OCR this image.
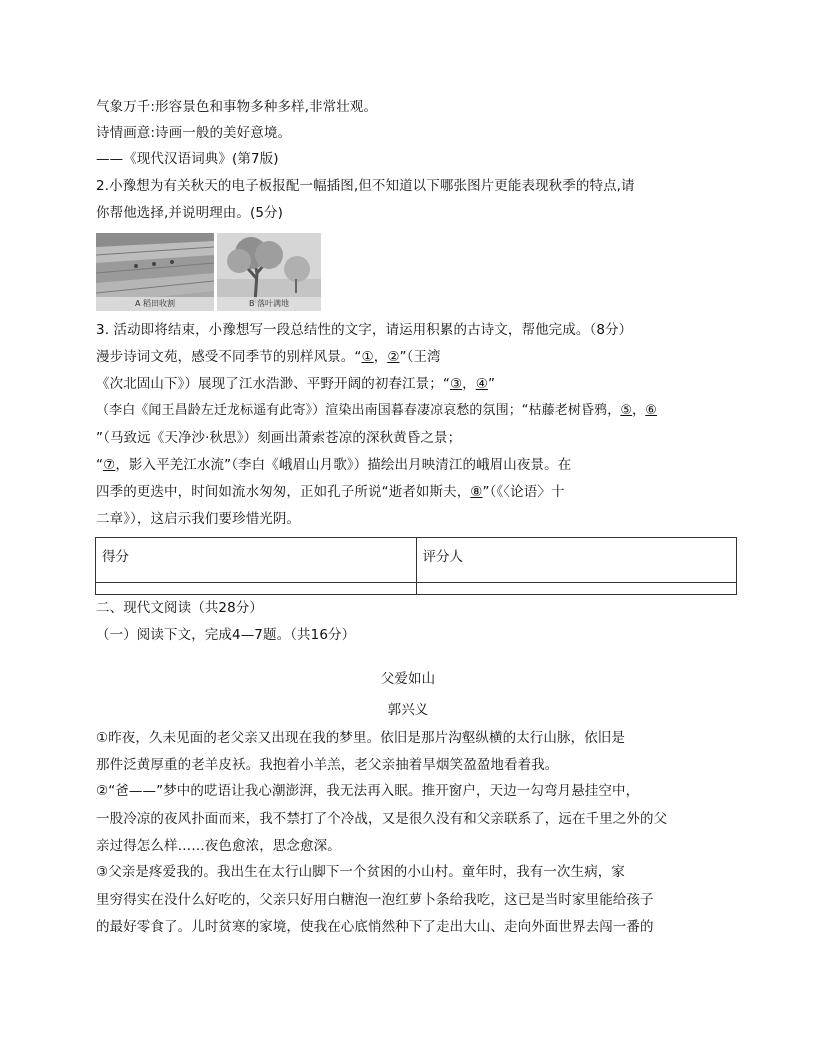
气象万千:形容景色和事物多种多样,非常壮观。
诗情画意:诗画一般的美好意境。
——《现代汉语词典》(第7版)
2.小豫想为有关秋天的电子板报配一幅插图,但不知道以下哪张图片更能表现秋季的特点,请
你帮他选择,并说明理由。(5分)
A 稻田收割	B 落叶满地
3. 活动即将结束，小豫想写一段总结性的文字，请运用积累的古诗文，帮他完成。（8分）
漫步诗词文苑，感受不同季节的别样风景。“①，②”（王湾
《次北固山下》）展现了江水浩渺、平野开阔的初春江景；“③，④”
（李白《闻王昌龄左迁龙标遥有此寄》）渲染出南国暮春凄凉哀愁的氛围；“枯藤老树昏鸦，⑤，⑥
”（马致远《天净沙·秋思》）刻画出萧索苍凉的深秋黄昏之景；
“⑦，影入平羌江水流”（李白《峨眉山月歌》）描绘出月映清江的峨眉山夜景。在
四季的更迭中，时间如流水匆匆，正如孔子所说“逝者如斯夫，⑧”（《〈论语〉十
二章》），这启示我们要珍惜光阴。
得分	评分人

二、现代文阅读（共28分）
（一）阅读下文，完成4—7题。（共16分）
父爱如山
郭兴义
①昨夜，久未见面的老父亲又出现在我的梦里。依旧是那片沟壑纵横的太行山脉，依旧是
那件泛黄厚重的老羊皮袄。我抱着小羊羔，老父亲抽着旱烟笑盈盈地看着我。
②“爸——”梦中的呓语让我心潮澎湃，我无法再入眠。推开窗户，天边一勾弯月悬挂空中，
一股冷凉的夜风扑面而来，我不禁打了个冷战，又是很久没有和父亲联系了，远在千里之外的父
亲过得怎么样……夜色愈浓，思念愈深。
③父亲是疼爱我的。我出生在太行山脚下一个贫困的小山村。童年时，我有一次生病，家
里穷得实在没什么好吃的，父亲只好用白糖泡一泡红萝卜条给我吃，这已是当时家里能给孩子
的最好零食了。儿时贫寒的家境，使我在心底悄然种下了走出大山、走向外面世界去闯一番的
